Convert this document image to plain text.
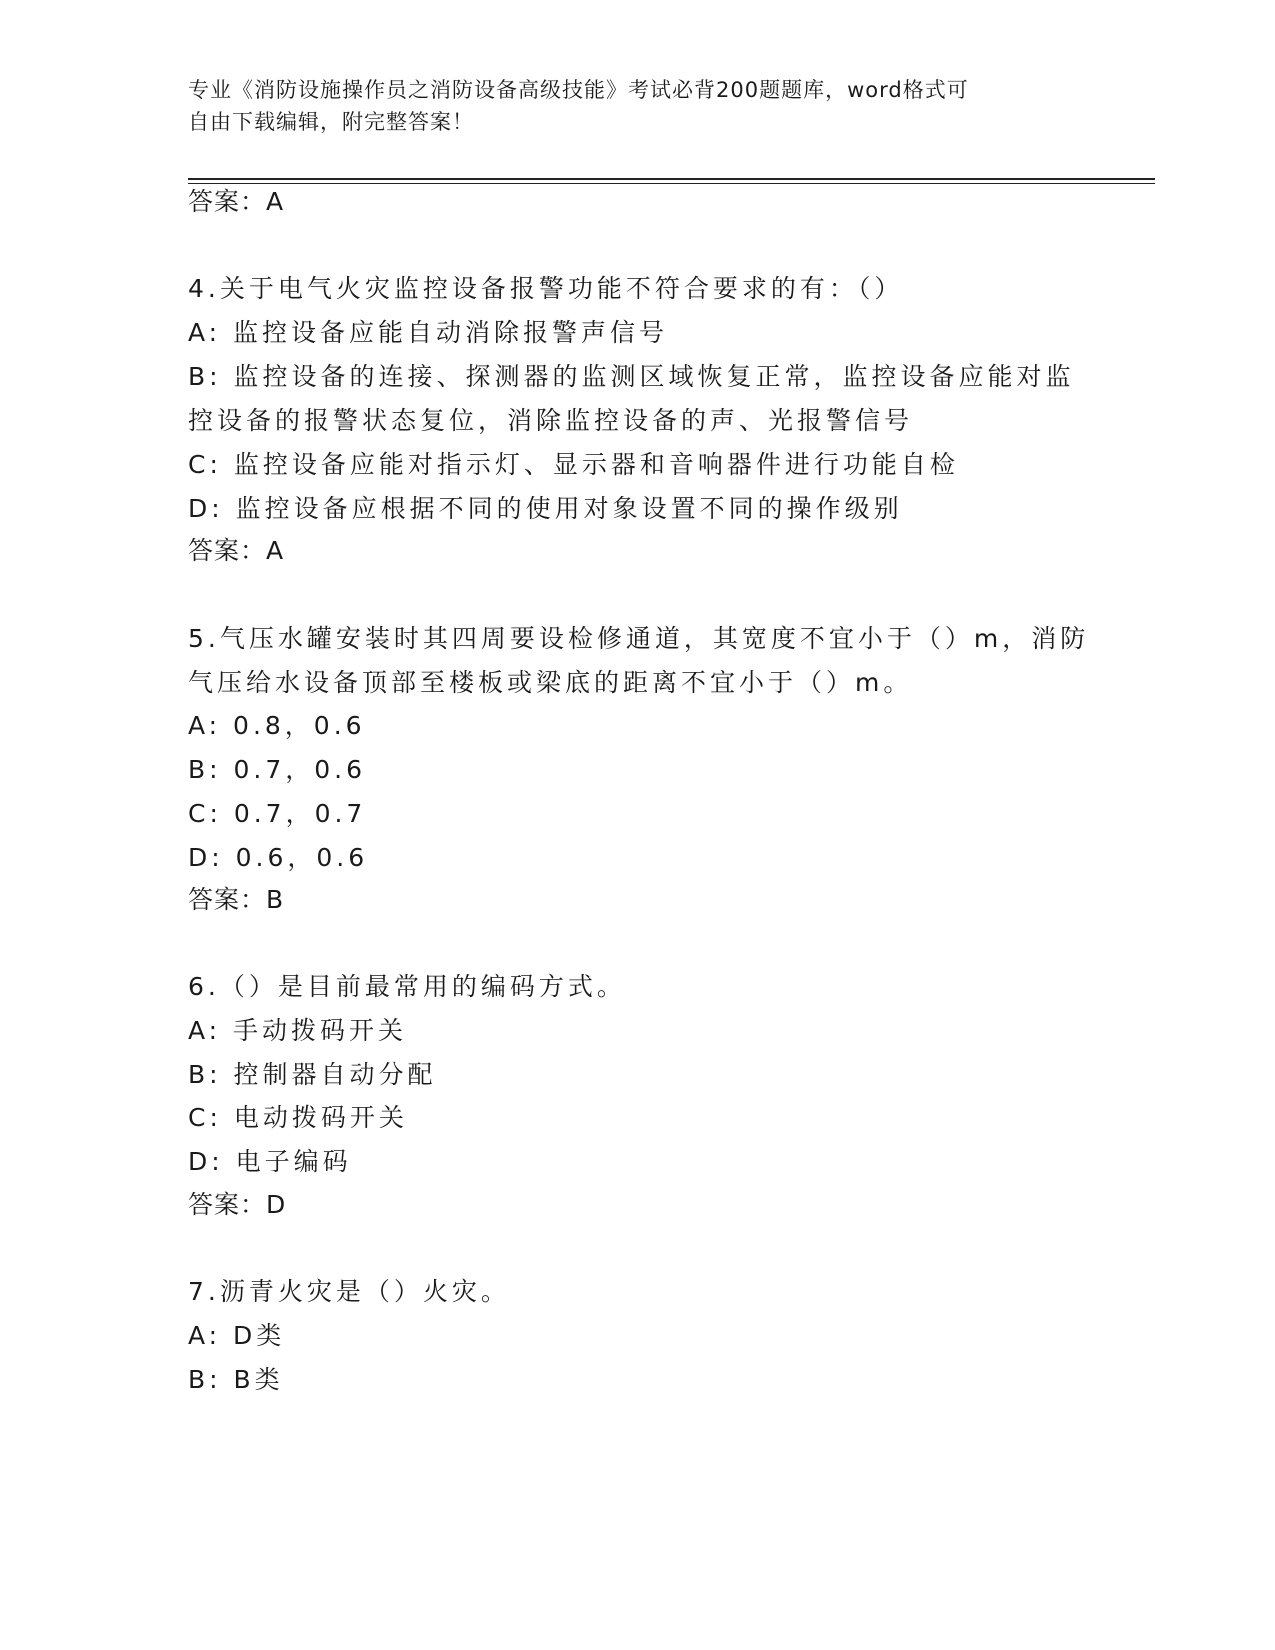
专业《消防设施操作员之消防设备高级技能》考试必背200题题库，word格式可
自由下载编辑，附完整答案！
答案：A
4.关于电气火灾监控设备报警功能不符合要求的有：（）
A: 监控设备应能自动消除报警声信号
B: 监控设备的连接、探测器的监测区域恢复正常，监控设备应能对监
控设备的报警状态复位，消除监控设备的声、光报警信号
C: 监控设备应能对指示灯、显示器和音响器件进行功能自检
D: 监控设备应根据不同的使用对象设置不同的操作级别
答案：A
5.气压水罐安装时其四周要设检修通道，其宽度不宜小于（）m，消防
气压给水设备顶部至楼板或梁底的距离不宜小于（）m。
A: 0.8，0.6
B: 0.7，0.6
C: 0.7，0.7
D: 0.6，0.6
答案：B
6.（）是目前最常用的编码方式。
A: 手动拨码开关
B: 控制器自动分配
C: 电动拨码开关
D: 电子编码
答案：D
7.沥青火灾是（）火灾。
A: D类
B: B类
